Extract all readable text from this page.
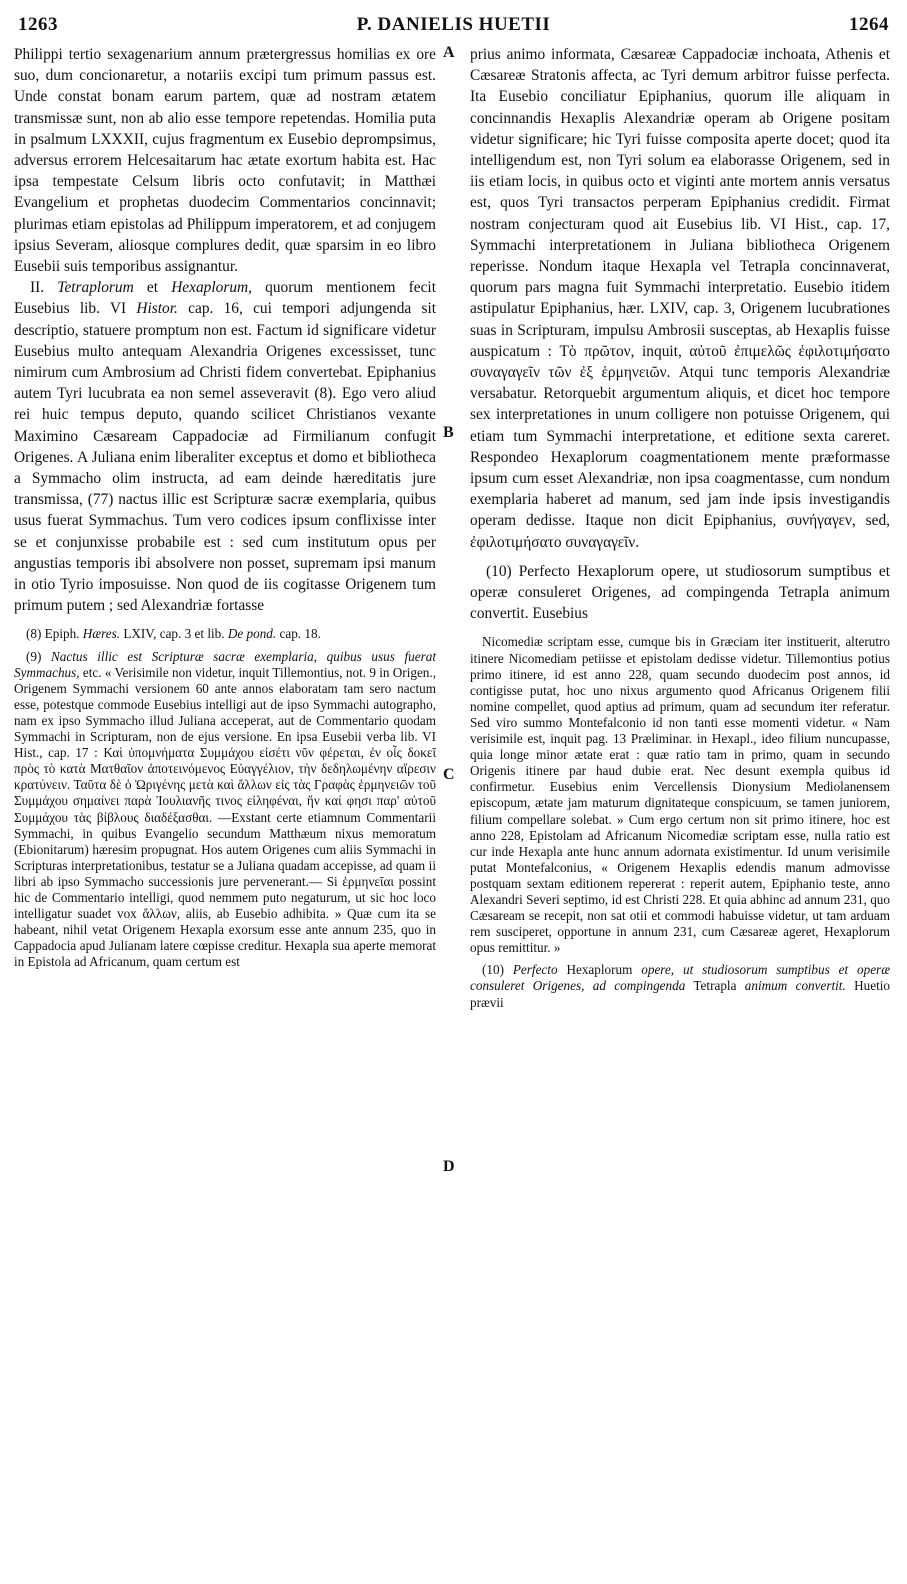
1263	P. DANIELIS HUETII	1264
A
B
C
D

Philippi tertio sexagenarium annum prætergressus homilias ex ore suo, dum concionaretur, a notariis excipi tum primum passus est. Unde constat bonam earum partem, quæ ad nostram ætatem transmissæ sunt, non ab alio esse tempore repetendas. Homilia puta in psalmum LXXXII, cujus fragmentum ex Eusebio deprompsimus, adversus errorem Helcesaitarum hac ætate exortum habita est. Hac ipsa tempestate Celsum libris octo confutavit; in Matthæi Evangelium et prophetas duodecim Commentarios concinnavit; plurimas etiam epistolas ad Philippum imperatorem, et ad conjugem ipsius Severam, aliosque complures dedit, quæ sparsim in eo libro Eusebii suis temporibus assignantur.

II. Tetraplorum et Hexaplorum, quorum mentionem fecit Eusebius lib. VI Histor. cap. 16, cui tempori adjungenda sit descriptio, statuere promptum non est. Factum id significare videtur Eusebius multo antequam Alexandria Origenes excessisset, tunc nimirum cum Ambrosium ad Christi fidem convertebat. Epiphanius autem Tyri lucubrata ea non semel asseveravit (8). Ego vero aliud rei huic tempus deputo, quando scilicet Christianos vexante Maximino Cæsaream Cappadociæ ad Firmilianum confugit Origenes. A Juliana enim liberaliter exceptus et domo et bibliotheca a Symmacho olim instructa, ad eam deinde hæreditatis jure transmissa, (77) nactus illic est Scripturæ sacræ exemplaria, quibus usus fuerat Symmachus. Tum vero codices ipsum conflixisse inter se et conjunxisse probabile est : sed cum institutum opus per angustias temporis ibi absolvere non posset, supremam ipsi manum in otio Tyrio imposuisse. Non quod de iis cogitasse Origenem tum primum putem ; sed Alexandriæ fortasse

(8) Epiph. Hæres. LXIV, cap. 3 et lib. De pond. cap. 18.

(9) Nactus illic est Scripturæ sacræ exemplaria, quibus usus fuerat Symmachus, etc. « Verisimile non videtur, inquit Tillemontius, not. 9 in Origen., Origenem Symmachi versionem 60 ante annos elaboratam tam sero nactum esse, potestque commode Eusebius intelligi aut de ipso Symmachi autographo, nam ex ipso Symmacho illud Juliana acceperat, aut de Commentario quodam Symmachi in Scripturam, non de ejus versione. En ipsa Eusebii verba lib. VI Hist., cap. 17 : Καὶ ὑπομνήματα Συμμάχου εἰσέτι νῦν φέρεται, ἐν οἷς δοκεῖ πρὸς τὸ κατὰ Ματθαῖον ἀποτεινόμενος Εὐαγγέλιον, τὴν δεδηλωμένην αἵρεσιν κρατύνειν. Ταῦτα δὲ ὁ Ὠριγένης μετὰ καὶ ἄλλων εἰς τὰς Γραφὰς ἑρμηνειῶν τοῦ Συμμάχου σημαίνει παρὰ Ἰουλιανῆς τινος εἰληφέναι, ἥν καί φησι παρ' αὐτοῦ Συμμάχου τὰς βίβλους διαδέξασθαι. —Exstant certe etiamnum Commentarii Symmachi, in quibus Evangelio secundum Matthæum nixus memoratum (Ebionitarum) hæresim propugnat. Hos autem Origenes cum aliis Symmachi in Scripturas interpretationibus, testatur se a Juliana quadam accepisse, ad quam ii libri ab ipso Symmacho successionis jure pervenerant.— Si ἑρμηνεῖαι possint hic de Commentario intelligi, quod nemmem puto negaturum, ut sic hoc loco intelligatur suadet vox ἄλλων, aliis, ab Eusebio adhibita. » Quæ cum ita se habeant, nihil vetat Origenem Hexapla exorsum esse ante annum 235, quo in Cappadocia apud Julianam latere cœpisse creditur. Hexapla sua aperte memorat in Epistola ad Africanum, quam certum est

prius animo informata, Cæsareæ Cappadociæ inchoata, Athenis et Cæsareæ Stratonis affecta, ac Tyri demum arbitror fuisse perfecta. Ita Eusebio conciliatur Epiphanius, quorum ille aliquam in concinnandis Hexaplis Alexandriæ operam ab Origene positam videtur significare; hic Tyri fuisse composita aperte docet; quod ita intelligendum est, non Tyri solum ea elaborasse Origenem, sed in iis etiam locis, in quibus octo et viginti ante mortem annis versatus est, quos Tyri transactos perperam Epiphanius credidit. Firmat nostram conjecturam quod ait Eusebius lib. VI Hist., cap. 17, Symmachi interpretationem in Juliana bibliotheca Origenem reperisse. Nondum itaque Hexapla vel Tetrapla concinnaverat, quorum pars magna fuit Symmachi interpretatio. Eusebio itidem astipulatur Epiphanius, hær. LXIV, cap. 3, Origenem lucubrationes suas in Scripturam, impulsu Ambrosii susceptas, ab Hexaplis fuisse auspicatum : Τὸ πρῶτον, inquit, αὐτοῦ ἐπιμελῶς ἐφιλοτιμήσατο συναγαγεῖν τῶν ἐξ ἑρμηνειῶν. Atqui tunc temporis Alexandriæ versabatur. Retorquebit argumentum aliquis, et dicet hoc tempore sex interpretationes in unum colligere non potuisse Origenem, qui etiam tum Symmachi interpretatione, et editione sexta careret. Respondeo Hexaplorum coagmentationem mente præformasse ipsum cum esset Alexandriæ, non ipsa coagmentasse, cum nondum exemplaria haberet ad manum, sed jam inde ipsis investigandis operam dedisse. Itaque non dicit Epiphanius, συνήγαγεν, sed, ἐφιλοτιμήσατο συναγαγεῖν.

(10) Perfecto Hexaplorum opere, ut studiosorum sumptibus et operæ consuleret Origenes, ad compingenda Tetrapla animum convertit. Eusebius

Nicomediæ scriptam esse, cumque bis in Græciam iter instituerit, alterutro itinere Nicomediam petiisse et epistolam dedisse videtur. Tillemontius potius primo itinere, id est anno 228, quam secundo duodecim post annos, id contigisse putat, hoc uno nixus argumento quod Africanus Origenem filii nomine compellet, quod aptius ad primum, quam ad secundum iter referatur. Sed viro summo Montefalconio id non tanti esse momenti videtur. « Nam verisimile est, inquit pag. 13 Præliminar. in Hexapl., ideo filium nuncupasse, quia longe minor ætate erat : quæ ratio tam in primo, quam in secundo Origenis itinere par haud dubie erat. Nec desunt exempla quibus id confirmetur. Eusebius enim Vercellensis Dionysium Mediolanensem episcopum, ætate jam maturum dignitateque conspicuum, se tamen juniorem, filium compellare solebat. » Cum ergo certum non sit primo itinere, hoc est anno 228, Epistolam ad Africanum Nicomediæ scriptam esse, nulla ratio est cur inde Hexapla ante hunc annum adornata existimentur. Id unum verisimile putat Montefalconius, « Origenem Hexaplis edendis manum admovisse postquam sextam editionem repererat : reperit autem, Epiphanio teste, anno Alexandri Severi septimo, id est Christi 228. Et quia abhinc ad annum 231, quo Cæsaream se recepit, non sat otii et commodi habuisse videtur, ut tam arduam rem susciperet, opportune in annum 231, cum Cæsareæ ageret, Hexaplorum opus remittitur. »

(10) Perfecto Hexaplorum opere, ut studiosorum sumptibus et operæ consuleret Origenes, ad compingenda Tetrapla animum convertit. Huetio prævii
